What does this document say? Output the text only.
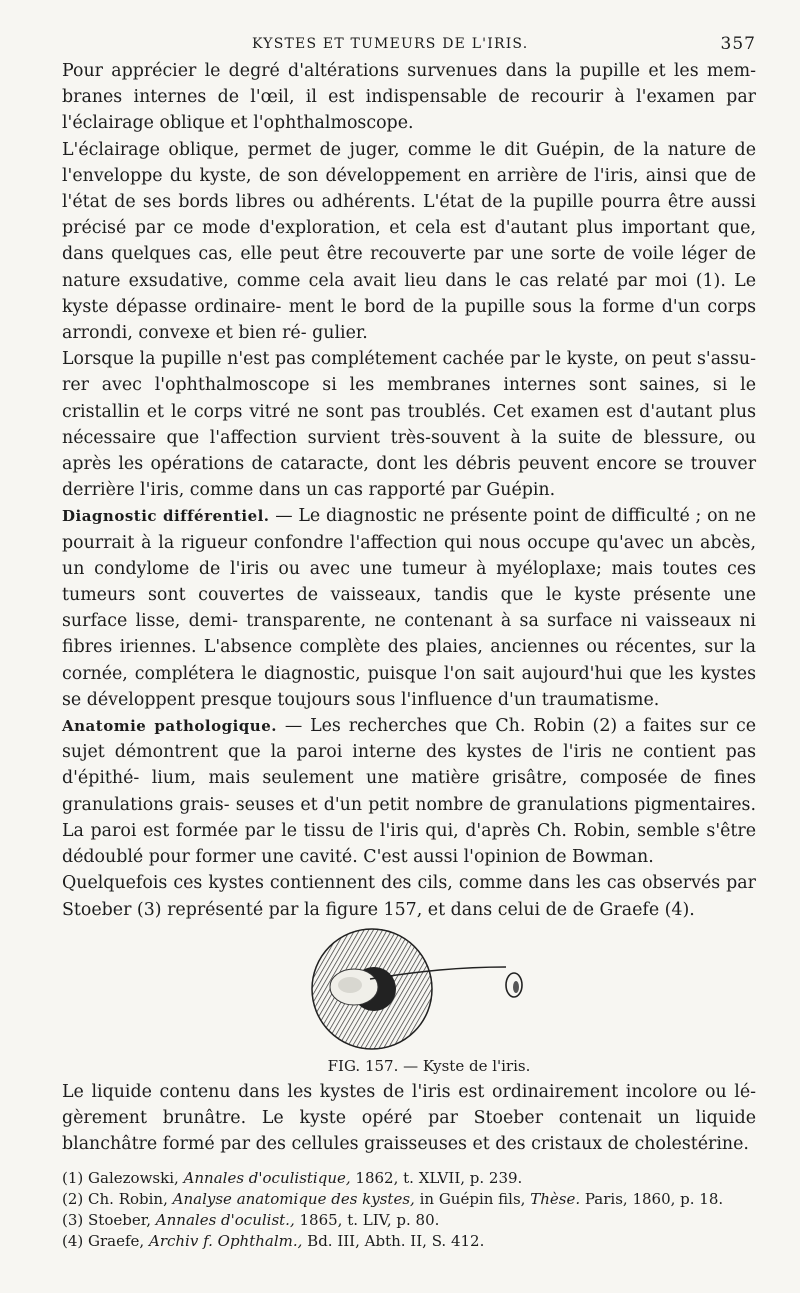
KYSTES ET TUMEURS DE L'IRIS.	357

Pour apprécier le degré d'altérations survenues dans la pupille et les mem- branes internes de l'œil, il est indispensable de recourir à l'examen par l'éclairage oblique et l'ophthalmoscope.

L'éclairage oblique, permet de juger, comme le dit Guépin, de la nature de l'enveloppe du kyste, de son développement en arrière de l'iris, ainsi que de l'état de ses bords libres ou adhérents. L'état de la pupille pourra être aussi précisé par ce mode d'exploration, et cela est d'autant plus important que, dans quelques cas, elle peut être recouverte par une sorte de voile léger de nature exsudative, comme cela avait lieu dans le cas relaté par moi (1). Le kyste dépasse ordinaire- ment le bord de la pupille sous la forme d'un corps arrondi, convexe et bien ré- gulier.

Lorsque la pupille n'est pas complétement cachée par le kyste, on peut s'assu- rer avec l'ophthalmoscope si les membranes internes sont saines, si le cristallin et le corps vitré ne sont pas troublés. Cet examen est d'autant plus nécessaire que l'affection survient très-souvent à la suite de blessure, ou après les opérations de cataracte, dont les débris peuvent encore se trouver derrière l'iris, comme dans un cas rapporté par Guépin.

Diagnostic différentiel. — Le diagnostic ne présente point de difficulté ; on ne pourrait à la rigueur confondre l'affection qui nous occupe qu'avec un abcès, un condylome de l'iris ou avec une tumeur à myéloplaxe; mais toutes ces tumeurs sont couvertes de vaisseaux, tandis que le kyste présente une surface lisse, demi- transparente, ne contenant à sa surface ni vaisseaux ni fibres iriennes. L'absence complète des plaies, anciennes ou récentes, sur la cornée, complétera le diagnostic, puisque l'on sait aujourd'hui que les kystes se développent presque toujours sous l'influence d'un traumatisme.

Anatomie pathologique. — Les recherches que Ch. Robin (2) a faites sur ce sujet démontrent que la paroi interne des kystes de l'iris ne contient pas d'épithé- lium, mais seulement une matière grisâtre, composée de fines granulations grais- seuses et d'un petit nombre de granulations pigmentaires. La paroi est formée par le tissu de l'iris qui, d'après Ch. Robin, semble s'être dédoublé pour former une cavité. C'est aussi l'opinion de Bowman.

Quelquefois ces kystes contiennent des cils, comme dans les cas observés par Stoeber (3) représenté par la figure 157, et dans celui de de Graefe (4).

FIG. 157. — Kyste de l'iris.

Le liquide contenu dans les kystes de l'iris est ordinairement incolore ou lé- gèrement brunâtre. Le kyste opéré par Stoeber contenait un liquide blanchâtre formé par des cellules graisseuses et des cristaux de cholestérine.

(1) Galezowski, Annales d'oculistique, 1862, t. XLVII, p. 239.
(2) Ch. Robin, Analyse anatomique des kystes, in Guépin fils, Thèse. Paris, 1860, p. 18.
(3) Stoeber, Annales d'oculist., 1865, t. LIV, p. 80.
(4) Graefe, Archiv f. Ophthalm., Bd. III, Abth. II, S. 412.
